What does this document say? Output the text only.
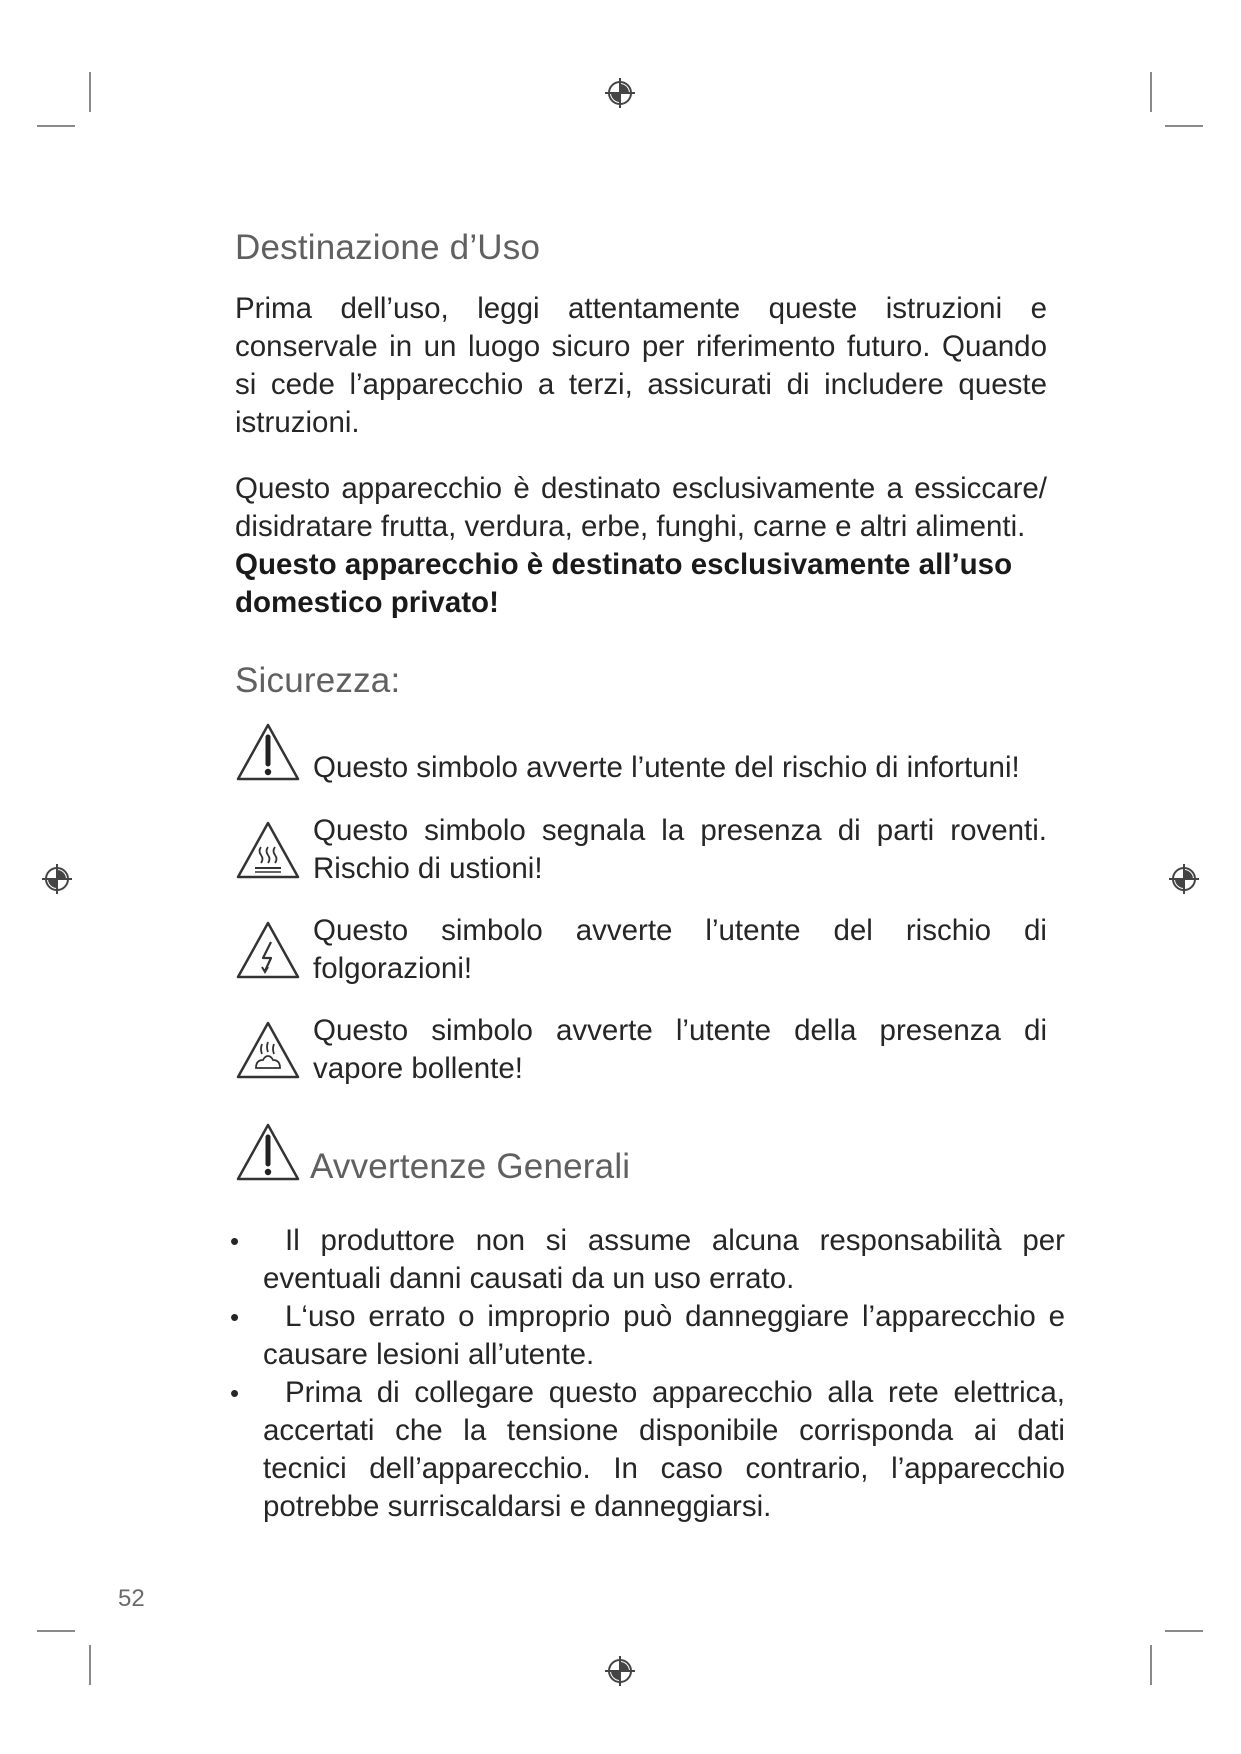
Destinazione d’Uso

Prima dell’uso, leggi attentamente queste istruzioni e conservale in un luogo sicuro per riferimento futuro. Quando si cede l’apparecchio a terzi, assicurati di includere queste istruzioni.

Questo apparecchio è destinato esclusivamente a essiccare/ disidratare frutta, verdura, erbe, funghi, carne e altri alimenti.

Questo apparecchio è destinato esclusivamente all’uso domestico privato!

Sicurezza:
Questo simbolo avverte l’utente del rischio di infortuni!
Questo simbolo segnala la presenza di parti roventi. Rischio di ustioni!
Questo simbolo avverte l’utente del rischio di folgorazioni!
Questo simbolo avverte l’utente della presenza di vapore bollente!
Avvertenze Generali
• Il produttore non si assume alcuna responsabilità per eventuali danni causati da un uso errato.
• L‘uso errato o improprio può danneggiare l’apparecchio e causare lesioni all’utente.
• Prima di collegare questo apparecchio alla rete elettrica, accertati che la tensione disponibile corrisponda ai dati tecnici dell’apparecchio. In caso contrario, l’apparecchio potrebbe surriscaldarsi e danneggiarsi.
52
